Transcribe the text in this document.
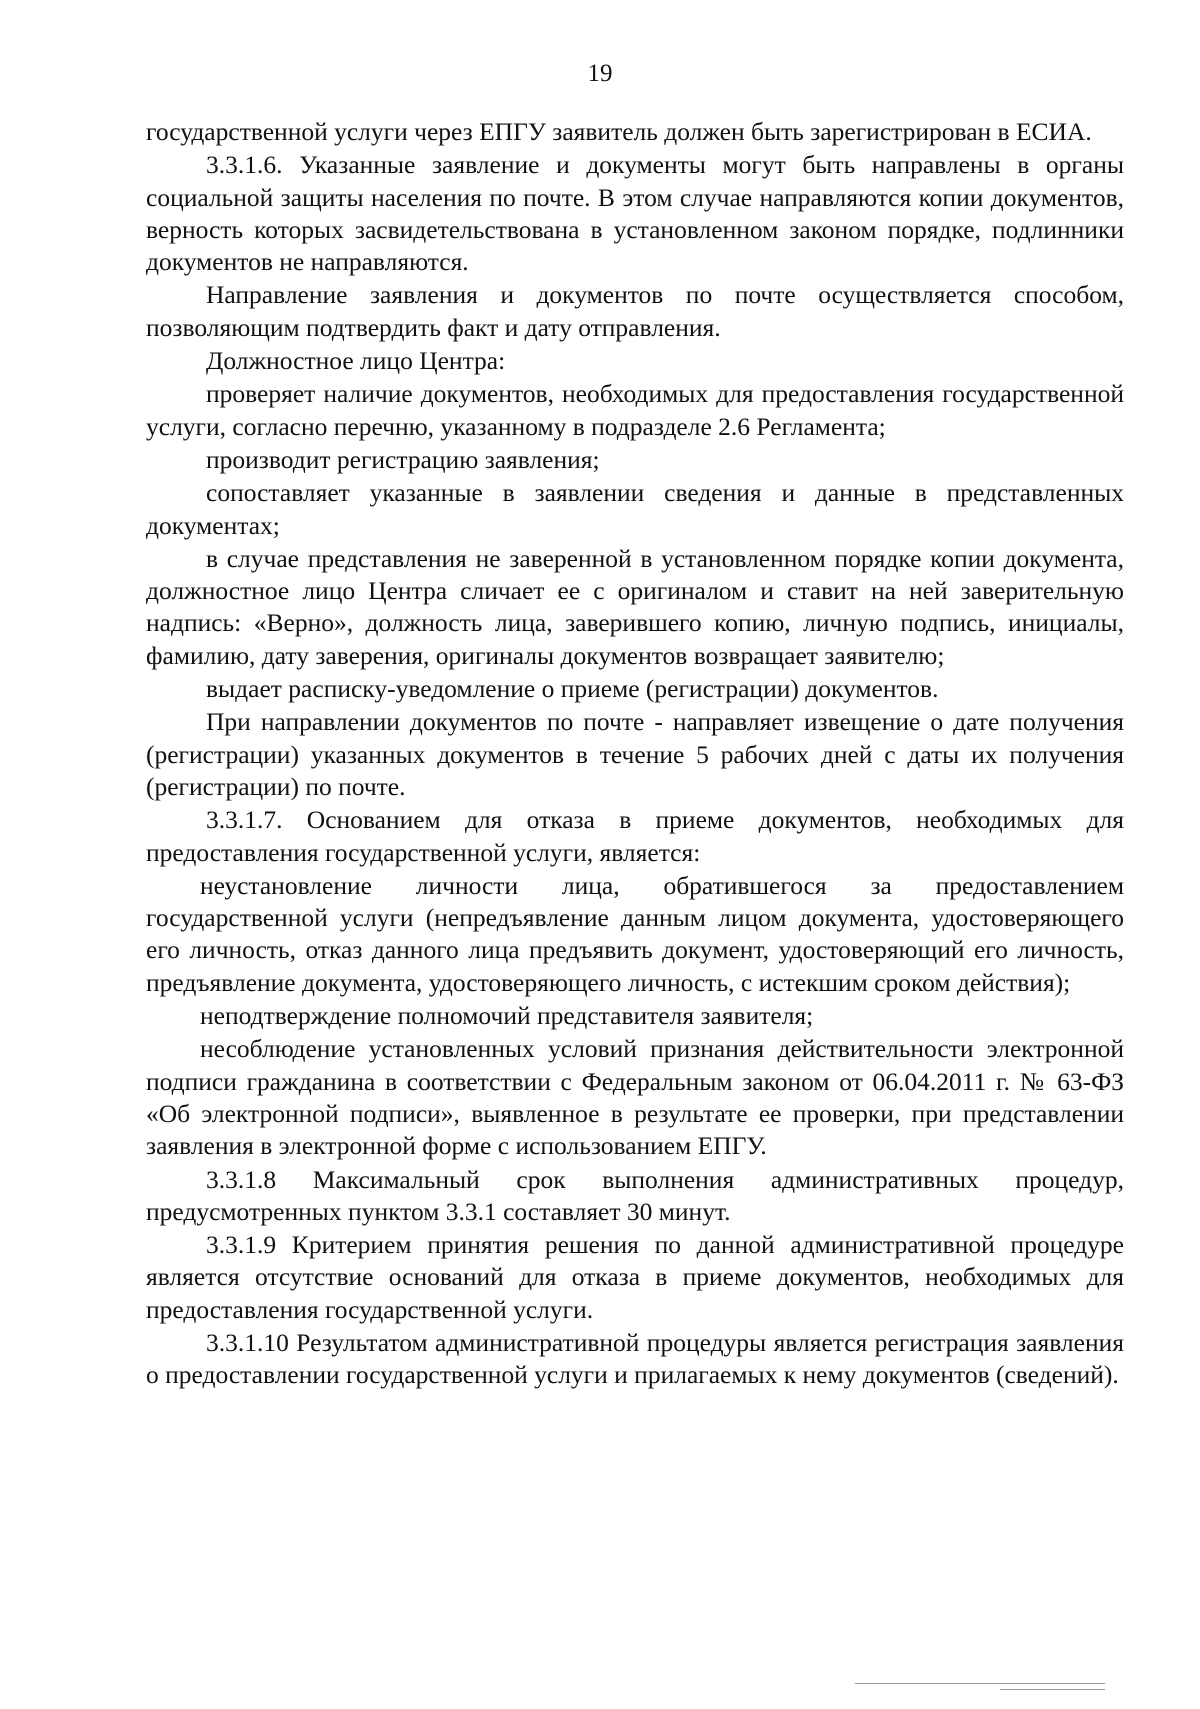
19

государственной услуги через ЕПГУ заявитель должен быть зарегистрирован в ЕСИА.

3.3.1.6. Указанные заявление и документы могут быть направлены в органы социальной защиты населения по почте. В этом случае направляются копии документов, верность которых засвидетельствована в установленном законом порядке, подлинники документов не направляются.

Направление заявления и документов по почте осуществляется способом, позволяющим подтвердить факт и дату отправления.

Должностное лицо Центра:

проверяет наличие документов, необходимых для предоставления государственной услуги, согласно перечню, указанному в подразделе 2.6 Регламента;

производит регистрацию заявления;

сопоставляет указанные в заявлении сведения и данные в представленных документах;

в случае представления не заверенной в установленном порядке копии документа, должностное лицо Центра сличает ее с оригиналом и ставит на ней заверительную надпись: «Верно», должность лица, заверившего копию, личную подпись, инициалы, фамилию, дату заверения, оригиналы документов возвращает заявителю;

выдает расписку-уведомление о приеме (регистрации) документов.

При направлении документов по почте - направляет извещение о дате получения (регистрации) указанных документов в течение 5 рабочих дней с даты их получения (регистрации) по почте.

3.3.1.7. Основанием для отказа в приеме документов, необходимых для предоставления государственной услуги, является:

неустановление личности лица, обратившегося за предоставлением государственной услуги (непредъявление данным лицом документа, удостоверяющего его личность, отказ данного лица предъявить документ, удостоверяющий его личность, предъявление документа, удостоверяющего личность, с истекшим сроком действия);

неподтверждение полномочий представителя заявителя;

несоблюдение установленных условий признания действительности электронной подписи гражданина в соответствии с Федеральным законом от 06.04.2011 г. № 63-ФЗ «Об электронной подписи», выявленное в результате ее проверки, при представлении заявления в электронной форме с использованием ЕПГУ.

3.3.1.8 Максимальный срок выполнения административных процедур, предусмотренных пунктом 3.3.1 составляет 30 минут.

3.3.1.9 Критерием принятия решения по данной административной процедуре является отсутствие оснований для отказа в приеме документов, необходимых для предоставления государственной услуги.

3.3.1.10 Результатом административной процедуры является регистрация заявления о предоставлении государственной услуги и прилагаемых к нему документов (сведений).
